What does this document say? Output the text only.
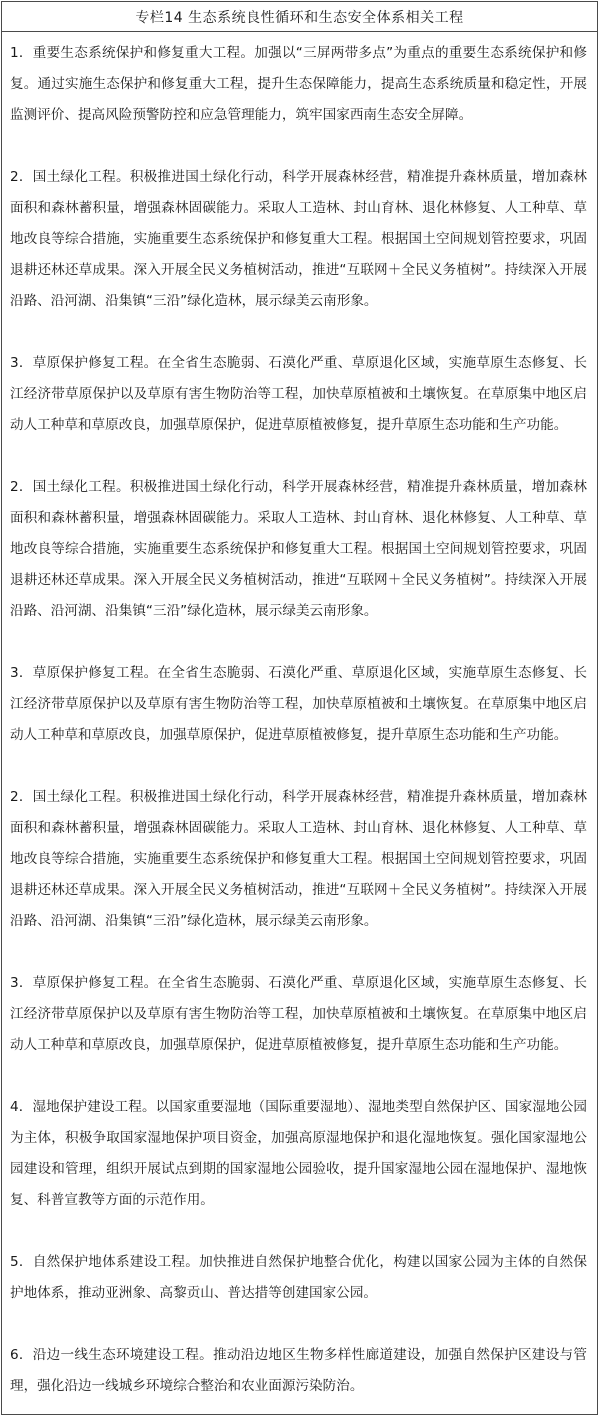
专栏14 生态系统良性循环和生态安全体系相关工程

1．重要生态系统保护和修复重大工程。加强以“三屏两带多点”为重点的重要生态系统保护和修复。通过实施生态保护和修复重大工程，提升生态保障能力，提高生态系统质量和稳定性，开展监测评价、提高风险预警防控和应急管理能力，筑牢国家西南生态安全屏障。

2．国土绿化工程。积极推进国土绿化行动，科学开展森林经营，精准提升森林质量，增加森林面积和森林蓄积量，增强森林固碳能力。采取人工造林、封山育林、退化林修复、人工种草、草地改良等综合措施，实施重要生态系统保护和修复重大工程。根据国土空间规划管控要求，巩固退耕还林还草成果。深入开展全民义务植树活动，推进“互联网＋全民义务植树”。持续深入开展沿路、沿河湖、沿集镇“三沿”绿化造林，展示绿美云南形象。

3．草原保护修复工程。在全省生态脆弱、石漠化严重、草原退化区域，实施草原生态修复、长江经济带草原保护以及草原有害生物防治等工程，加快草原植被和土壤恢复。在草原集中地区启动人工种草和草原改良，加强草原保护，促进草原植被修复，提升草原生态功能和生产功能。

2．国土绿化工程。积极推进国土绿化行动，科学开展森林经营，精准提升森林质量，增加森林面积和森林蓄积量，增强森林固碳能力。采取人工造林、封山育林、退化林修复、人工种草、草地改良等综合措施，实施重要生态系统保护和修复重大工程。根据国土空间规划管控要求，巩固退耕还林还草成果。深入开展全民义务植树活动，推进“互联网＋全民义务植树”。持续深入开展沿路、沿河湖、沿集镇“三沿”绿化造林，展示绿美云南形象。

3．草原保护修复工程。在全省生态脆弱、石漠化严重、草原退化区域，实施草原生态修复、长江经济带草原保护以及草原有害生物防治等工程，加快草原植被和土壤恢复。在草原集中地区启动人工种草和草原改良，加强草原保护，促进草原植被修复，提升草原生态功能和生产功能。

2．国土绿化工程。积极推进国土绿化行动，科学开展森林经营，精准提升森林质量，增加森林面积和森林蓄积量，增强森林固碳能力。采取人工造林、封山育林、退化林修复、人工种草、草地改良等综合措施，实施重要生态系统保护和修复重大工程。根据国土空间规划管控要求，巩固退耕还林还草成果。深入开展全民义务植树活动，推进“互联网＋全民义务植树”。持续深入开展沿路、沿河湖、沿集镇“三沿”绿化造林，展示绿美云南形象。

3．草原保护修复工程。在全省生态脆弱、石漠化严重、草原退化区域，实施草原生态修复、长江经济带草原保护以及草原有害生物防治等工程，加快草原植被和土壤恢复。在草原集中地区启动人工种草和草原改良，加强草原保护，促进草原植被修复，提升草原生态功能和生产功能。

4．湿地保护建设工程。以国家重要湿地（国际重要湿地）、湿地类型自然保护区、国家湿地公园为主体，积极争取国家湿地保护项目资金，加强高原湿地保护和退化湿地恢复。强化国家湿地公园建设和管理，组织开展试点到期的国家湿地公园验收，提升国家湿地公园在湿地保护、湿地恢复、科普宣教等方面的示范作用。

5．自然保护地体系建设工程。加快推进自然保护地整合优化，构建以国家公园为主体的自然保护地体系，推动亚洲象、高黎贡山、普达措等创建国家公园。

6．沿边一线生态环境建设工程。推动沿边地区生物多样性廊道建设，加强自然保护区建设与管理，强化沿边一线城乡环境综合整治和农业面源污染防治。
